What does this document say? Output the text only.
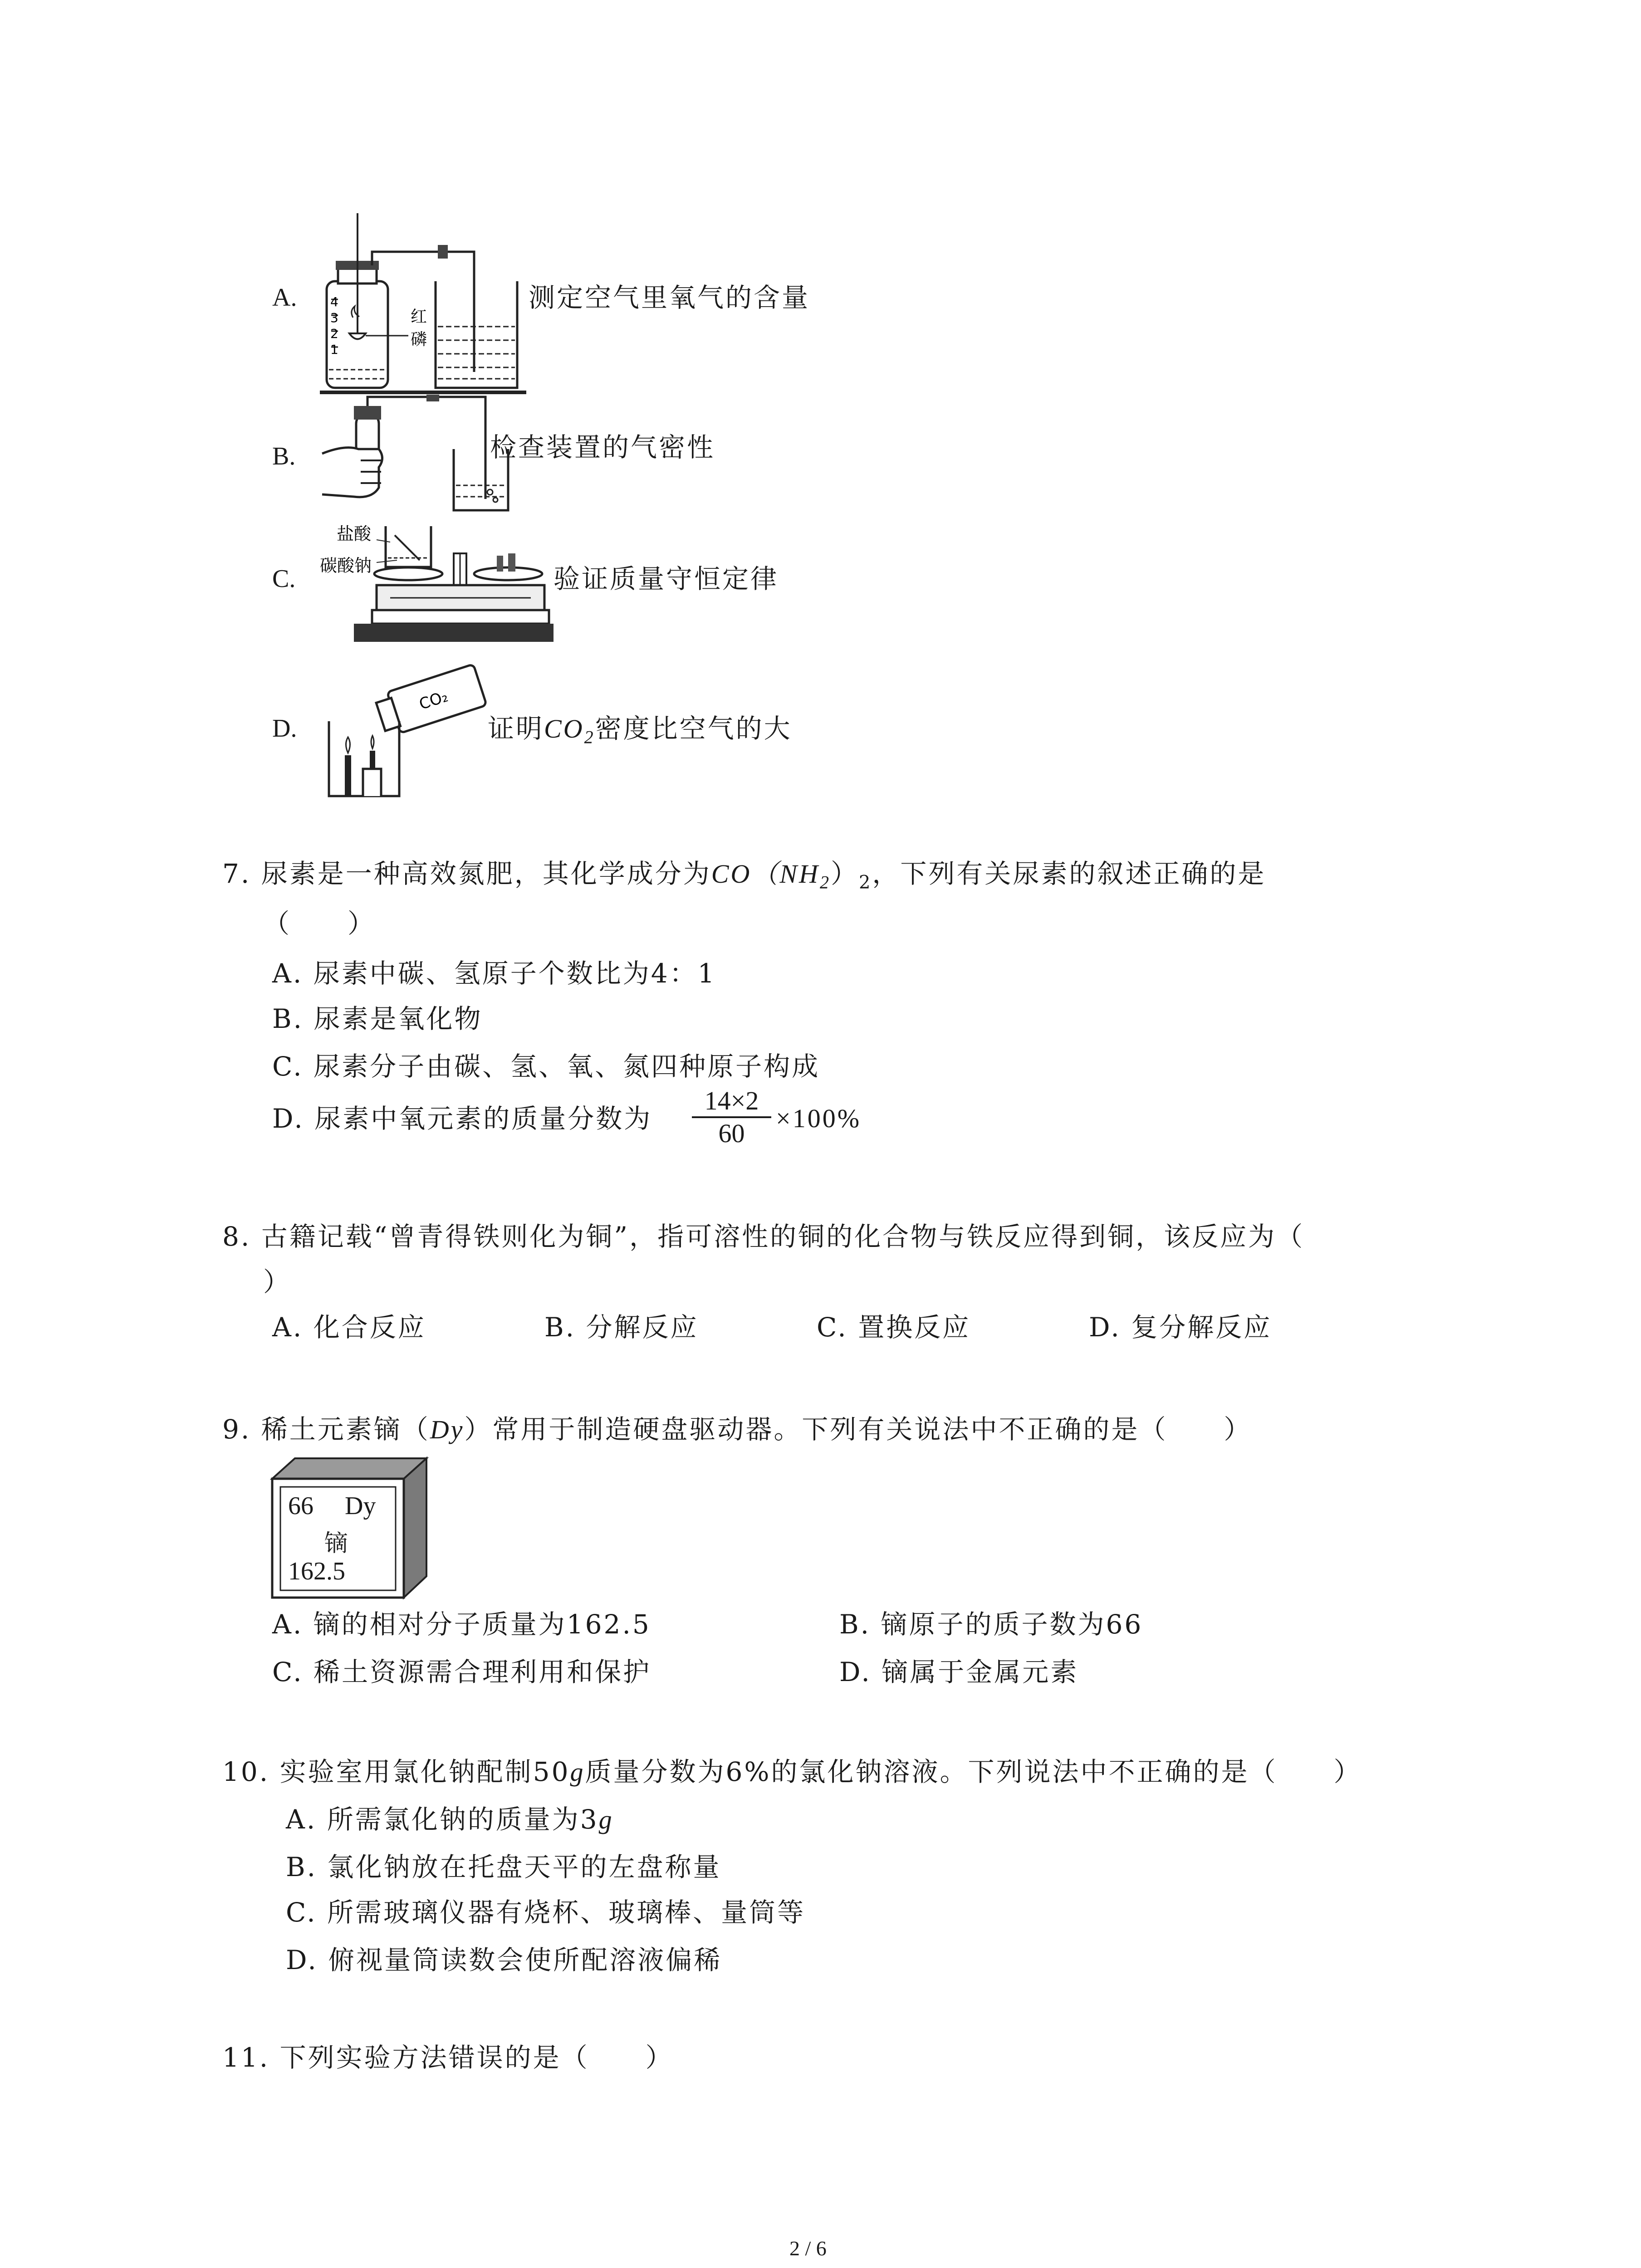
A.	4
3
2
1
红
磷
测定空气里氧气的含量
B.	检查装置的气密性
C.
盐酸
碳酸钠	验证质量守恒定律
D.
CO₂
证明$CO_2$密度比空气的大
7. 尿素是一种高效氮肥，其化学成分为$CO(NH_2)_2$，下列有关尿素的叙述正确的是
（　　）
A. 尿素中碳、氢原子个数比为4：1
B. 尿素是氧化物
C. 尿素分子由碳、氢、氧、氮四种原子构成
D. 尿素中氧元素的质量分数为
14×2
60
×100%
8. 古籍记载“曾青得铁则化为铜”，指可溶性的铜的化合物与铁反应得到铜，该反应为（
）
A. 化合反应	B. 分解反应	C. 置换反应	D. 复分解反应
9. 稀土元素镝（Dy）常用于制造硬盘驱动器。下列有关说法中不正确的是（　　）
66 Dy
镝
162.5
A. 镝的相对分子质量为162.5	B. 镝原子的质子数为66
C. 稀土资源需合理利用和保护	D. 镝属于金属元素
10. 实验室用氯化钠配制50g质量分数为6%的氯化钠溶液。下列说法中不正确的是（　　）
A. 所需氯化钠的质量为3g
B. 氯化钠放在托盘天平的左盘称量
C. 所需玻璃仪器有烧杯、玻璃棒、量筒等
D. 俯视量筒读数会使所配溶液偏稀
11. 下列实验方法错误的是（　　）
2 / 6
